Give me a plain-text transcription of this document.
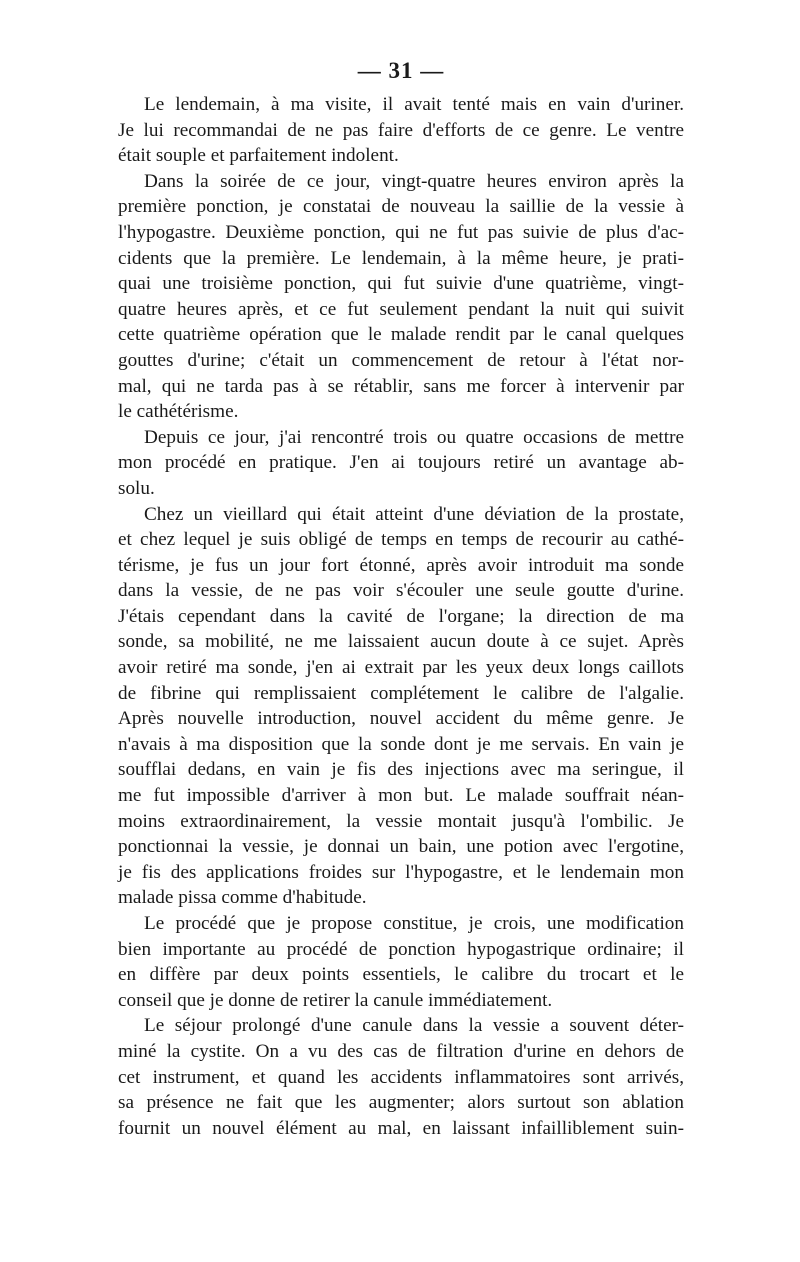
— 31 —
Le lendemain, à ma visite, il avait tenté mais en vain d'uriner.
Je lui recommandai de ne pas faire d'efforts de ce genre. Le ventre
était souple et parfaitement indolent.
Dans la soirée de ce jour, vingt-quatre heures environ après la
première ponction, je constatai de nouveau la saillie de la vessie à
l'hypogastre. Deuxième ponction, qui ne fut pas suivie de plus d'ac-
cidents que la première. Le lendemain, à la même heure, je prati-
quai une troisième ponction, qui fut suivie d'une quatrième, vingt-
quatre heures après, et ce fut seulement pendant la nuit qui suivit
cette quatrième opération que le malade rendit par le canal quelques
gouttes d'urine; c'était un commencement de retour à l'état nor-
mal, qui ne tarda pas à se rétablir, sans me forcer à intervenir par
le cathétérisme.
Depuis ce jour, j'ai rencontré trois ou quatre occasions de mettre
mon procédé en pratique. J'en ai toujours retiré un avantage ab-
solu.
Chez un vieillard qui était atteint d'une déviation de la prostate,
et chez lequel je suis obligé de temps en temps de recourir au cathé-
térisme, je fus un jour fort étonné, après avoir introduit ma sonde
dans la vessie, de ne pas voir s'écouler une seule goutte d'urine.
J'étais cependant dans la cavité de l'organe; la direction de ma
sonde, sa mobilité, ne me laissaient aucun doute à ce sujet. Après
avoir retiré ma sonde, j'en ai extrait par les yeux deux longs caillots
de fibrine qui remplissaient complétement le calibre de l'algalie.
Après nouvelle introduction, nouvel accident du même genre. Je
n'avais à ma disposition que la sonde dont je me servais. En vain je
soufflai dedans, en vain je fis des injections avec ma seringue, il
me fut impossible d'arriver à mon but. Le malade souffrait néan-
moins extraordinairement, la vessie montait jusqu'à l'ombilic. Je
ponctionnai la vessie, je donnai un bain, une potion avec l'ergotine,
je fis des applications froides sur l'hypogastre, et le lendemain mon
malade pissa comme d'habitude.
Le procédé que je propose constitue, je crois, une modification
bien importante au procédé de ponction hypogastrique ordinaire; il
en diffère par deux points essentiels, le calibre du trocart et le
conseil que je donne de retirer la canule immédiatement.
Le séjour prolongé d'une canule dans la vessie a souvent déter-
miné la cystite. On a vu des cas de filtration d'urine en dehors de
cet instrument, et quand les accidents inflammatoires sont arrivés,
sa présence ne fait que les augmenter; alors surtout son ablation
fournit un nouvel élément au mal, en laissant infailliblement suin-
